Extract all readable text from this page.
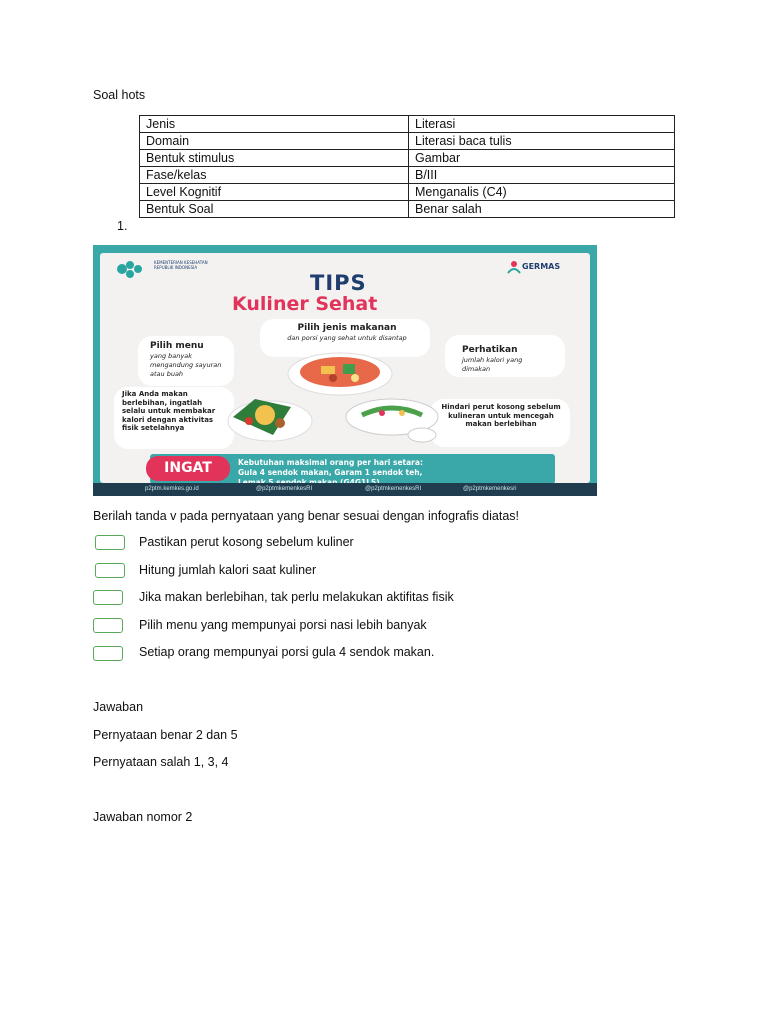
Soal hots
Jenis	Literasi
Domain	Literasi baca tulis
Bentuk stimulus	Gambar
Fase/kelas	B/III
Level Kognitif	Menganalis (C4)
Bentuk Soal	Benar salah
1.
KEMENTERIAN KESEHATAN REPUBLIK INDONESIA	GERMAS
TIPS
Kuliner Sehat
Pilih menu
yang banyak mengandung sayuran atau buah
Pilih jenis makanan
dan porsi yang sehat untuk disantap
Perhatikan
jumlah kalori yang dimakan
Jika Anda makan berlebihan, ingatlah selalu untuk membakar kalori dengan aktivitas fisik setelahnya
Hindari perut kosong sebelum kulineran untuk mencegah makan berlebihan
INGAT	Kebutuhan maksimal orang per hari setara:
Gula 4 sendok makan, Garam 1 sendok teh,
p2ptm.kemkes.go.id	@p2ptmkemenkesRI	@p2ptmkemenkesRI	@p2ptmkemenkesri
Berilah tanda v pada pernyataan yang benar sesuai dengan infografis diatas!
Pastikan perut kosong sebelum kuliner
Hitung jumlah kalori saat kuliner
Jika makan berlebihan, tak perlu melakukan aktifitas fisik
Pilih menu yang mempunyai porsi nasi lebih banyak
Setiap orang mempunyai porsi gula 4 sendok makan.
Jawaban
Pernyataan benar 2 dan 5
Pernyataan salah 1, 3, 4
Jawaban nomor 2
